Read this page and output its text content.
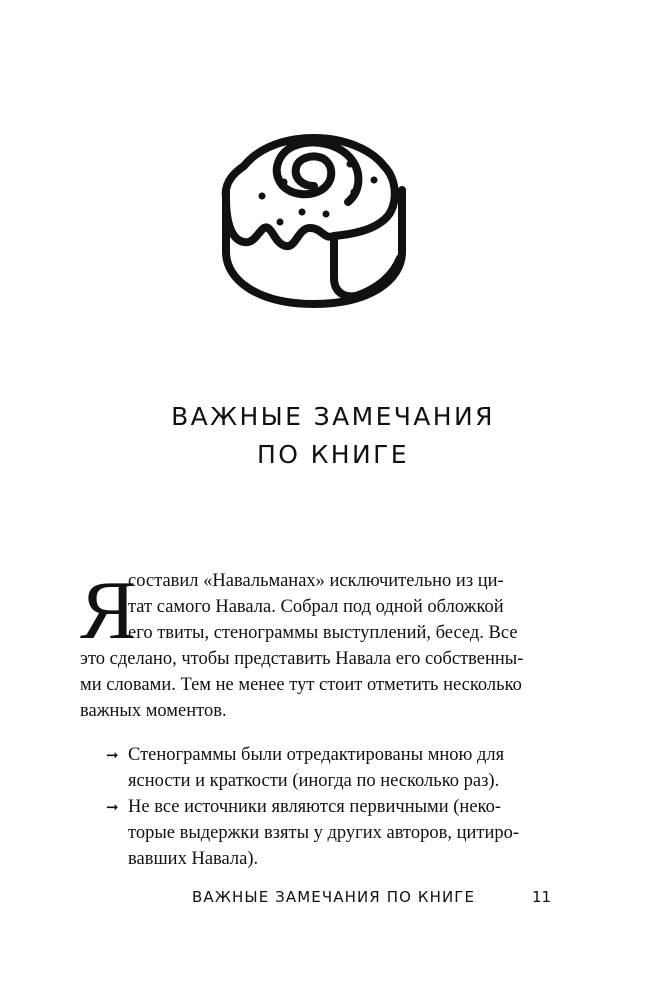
ВАЖНЫЕ ЗАМЕЧАНИЯ
ПО КНИГЕ
Я
составил «Навальманах» исключительно из ци-
тат самого Навала. Собрал под одной обложкой
его твиты, стенограммы выступлений, бесед. Все
это сделано, чтобы представить Навала его собственны-
ми словами. Тем не менее тут стоит отметить несколько
важных моментов.
➞ Стенограммы были отредактированы мною для
ясности и краткости (иногда по несколько раз).
➞ Не все источники являются первичными (неко-
торые выдержки взяты у других авторов, цитиро-
вавших Навала).
ВАЖНЫЕ ЗАМЕЧАНИЯ ПО КНИГЕ	11
